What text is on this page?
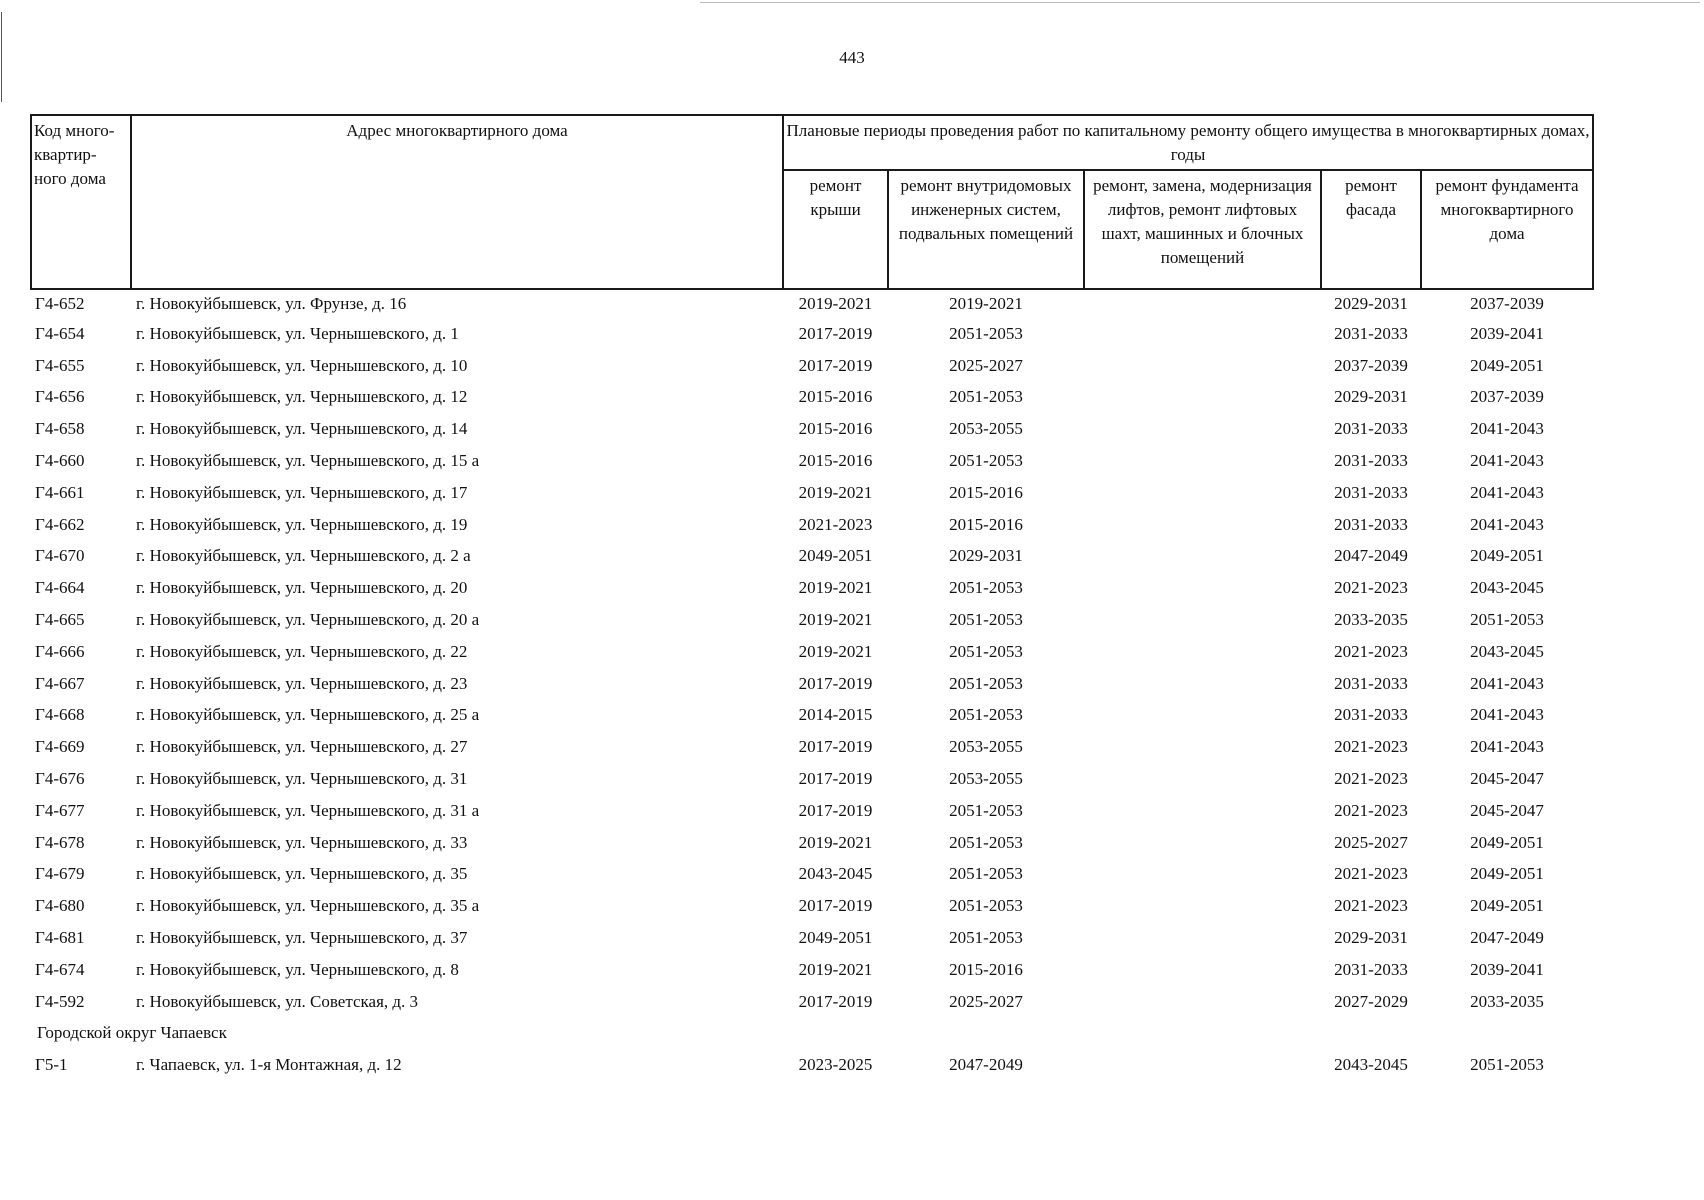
443
Код много-квартир-ного дома	Адрес многоквартирного дома	Плановые периоды проведения работ по капитальному ремонту общего имущества в многоквартирных домах, годы				
		ремонт крыши	ремонт внутридомовых инженерных систем, подвальных помещений	ремонт, замена, модернизация лифтов, ремонт лифтовых шахт, машинных и блочных помещений	ремонт фасада	ремонт фундамента многоквартирного дома
Г4-652	г. Новокуйбышевск, ул. Фрунзе, д. 16	2019-2021	2019-2021		2029-2031	2037-2039
Г4-654	г. Новокуйбышевск, ул. Чернышевского, д. 1	2017-2019	2051-2053		2031-2033	2039-2041
Г4-655	г. Новокуйбышевск, ул. Чернышевского, д. 10	2017-2019	2025-2027		2037-2039	2049-2051
Г4-656	г. Новокуйбышевск, ул. Чернышевского, д. 12	2015-2016	2051-2053		2029-2031	2037-2039
Г4-658	г. Новокуйбышевск, ул. Чернышевского, д. 14	2015-2016	2053-2055		2031-2033	2041-2043
Г4-660	г. Новокуйбышевск, ул. Чернышевского, д. 15 а	2015-2016	2051-2053		2031-2033	2041-2043
Г4-661	г. Новокуйбышевск, ул. Чернышевского, д. 17	2019-2021	2015-2016		2031-2033	2041-2043
Г4-662	г. Новокуйбышевск, ул. Чернышевского, д. 19	2021-2023	2015-2016		2031-2033	2041-2043
Г4-670	г. Новокуйбышевск, ул. Чернышевского, д. 2 а	2049-2051	2029-2031		2047-2049	2049-2051
Г4-664	г. Новокуйбышевск, ул. Чернышевского, д. 20	2019-2021	2051-2053		2021-2023	2043-2045
Г4-665	г. Новокуйбышевск, ул. Чернышевского, д. 20 а	2019-2021	2051-2053		2033-2035	2051-2053
Г4-666	г. Новокуйбышевск, ул. Чернышевского, д. 22	2019-2021	2051-2053		2021-2023	2043-2045
Г4-667	г. Новокуйбышевск, ул. Чернышевского, д. 23	2017-2019	2051-2053		2031-2033	2041-2043
Г4-668	г. Новокуйбышевск, ул. Чернышевского, д. 25 а	2014-2015	2051-2053		2031-2033	2041-2043
Г4-669	г. Новокуйбышевск, ул. Чернышевского, д. 27	2017-2019	2053-2055		2021-2023	2041-2043
Г4-676	г. Новокуйбышевск, ул. Чернышевского, д. 31	2017-2019	2053-2055		2021-2023	2045-2047
Г4-677	г. Новокуйбышевск, ул. Чернышевского, д. 31 а	2017-2019	2051-2053		2021-2023	2045-2047
Г4-678	г. Новокуйбышевск, ул. Чернышевского, д. 33	2019-2021	2051-2053		2025-2027	2049-2051
Г4-679	г. Новокуйбышевск, ул. Чернышевского, д. 35	2043-2045	2051-2053		2021-2023	2049-2051
Г4-680	г. Новокуйбышевск, ул. Чернышевского, д. 35 а	2017-2019	2051-2053		2021-2023	2049-2051
Г4-681	г. Новокуйбышевск, ул. Чернышевского, д. 37	2049-2051	2051-2053		2029-2031	2047-2049
Г4-674	г. Новокуйбышевск, ул. Чернышевского, д. 8	2019-2021	2015-2016		2031-2033	2039-2041
Г4-592	г. Новокуйбышевск, ул. Советская, д. 3	2017-2019	2025-2027		2027-2029	2033-2035
Городской округ Чапаевск						
Г5-1	г. Чапаевск, ул. 1-я Монтажная, д. 12	2023-2025	2047-2049		2043-2045	2051-2053
